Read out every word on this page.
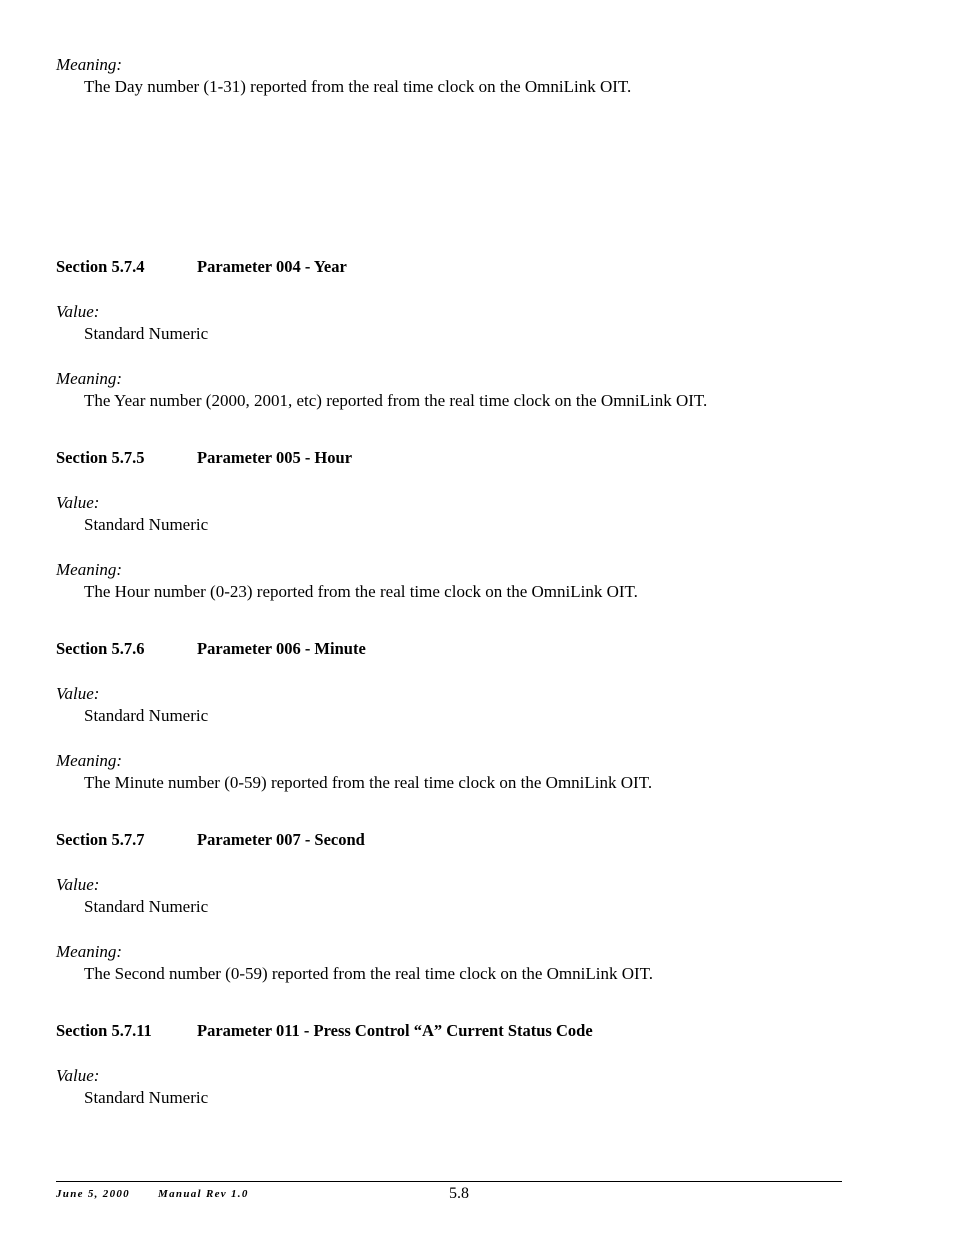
Meaning:
The Day number (1-31) reported from the real time clock on the OmniLink OIT.
Section 5.7.4	Parameter 004 - Year
Value:
Standard Numeric
Meaning:
The Year number (2000, 2001, etc) reported from the real time clock on the OmniLink OIT.
Section 5.7.5	Parameter 005 - Hour
Value:
Standard Numeric
Meaning:
The Hour number (0-23) reported from the real time clock on the OmniLink OIT.
Section 5.7.6	Parameter 006 - Minute
Value:
Standard Numeric
Meaning:
The Minute number (0-59) reported from the real time clock on the OmniLink OIT.
Section 5.7.7	Parameter 007 - Second
Value:
Standard Numeric
Meaning:
The Second number (0-59) reported from the real time clock on the OmniLink OIT.
Section 5.7.11	Parameter 011 - Press Control “A” Current Status Code
Value:
Standard Numeric
June 5, 2000	Manual Rev 1.0	5.8
